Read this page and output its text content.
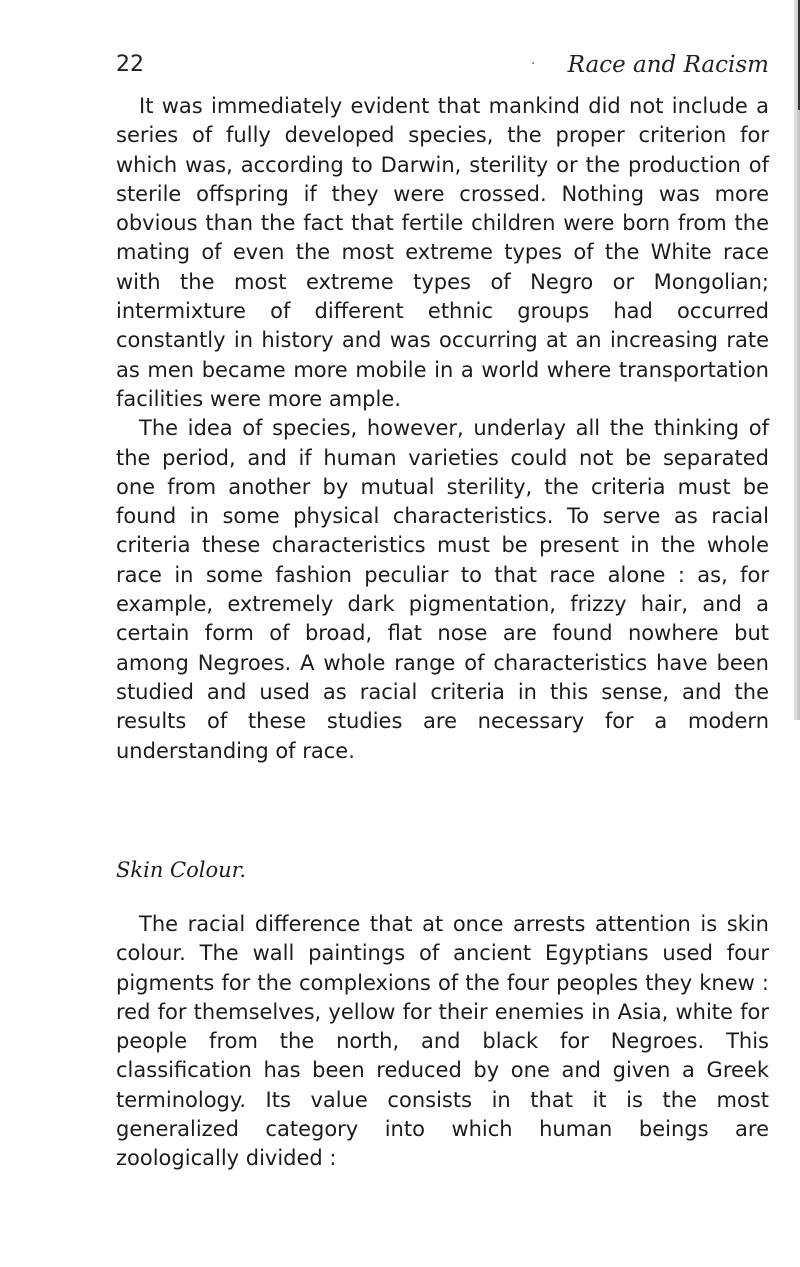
22	· Race and Racism

It was immediately evident that mankind did not include a series of fully developed species, the proper criterion for which was, according to Darwin, sterility or the production of sterile offspring if they were crossed. Nothing was more obvious than the fact that fertile children were born from the mating of even the most extreme types of the White race with the most extreme types of Negro or Mongolian; intermixture of different ethnic groups had occurred constantly in history and was occurring at an increasing rate as men became more mobile in a world where transportation facilities were more ample.

The idea of species, however, underlay all the thinking of the period, and if human varieties could not be separated one from another by mutual sterility, the criteria must be found in some physical characteristics. To serve as racial criteria these characteristics must be present in the whole race in some fashion peculiar to that race alone : as, for example, extremely dark pigmentation, frizzy hair, and a certain form of broad, flat nose are found nowhere but among Negroes. A whole range of characteristics have been studied and used as racial criteria in this sense, and the results of these studies are necessary for a modern understanding of race.

Skin Colour.

The racial difference that at once arrests attention is skin colour. The wall paintings of ancient Egyptians used four pigments for the complexions of the four peoples they knew : red for themselves, yellow for their enemies in Asia, white for people from the north, and black for Negroes. This classification has been reduced by one and given a Greek terminology. Its value consists in that it is the most generalized category into which human beings are zoologically divided :
